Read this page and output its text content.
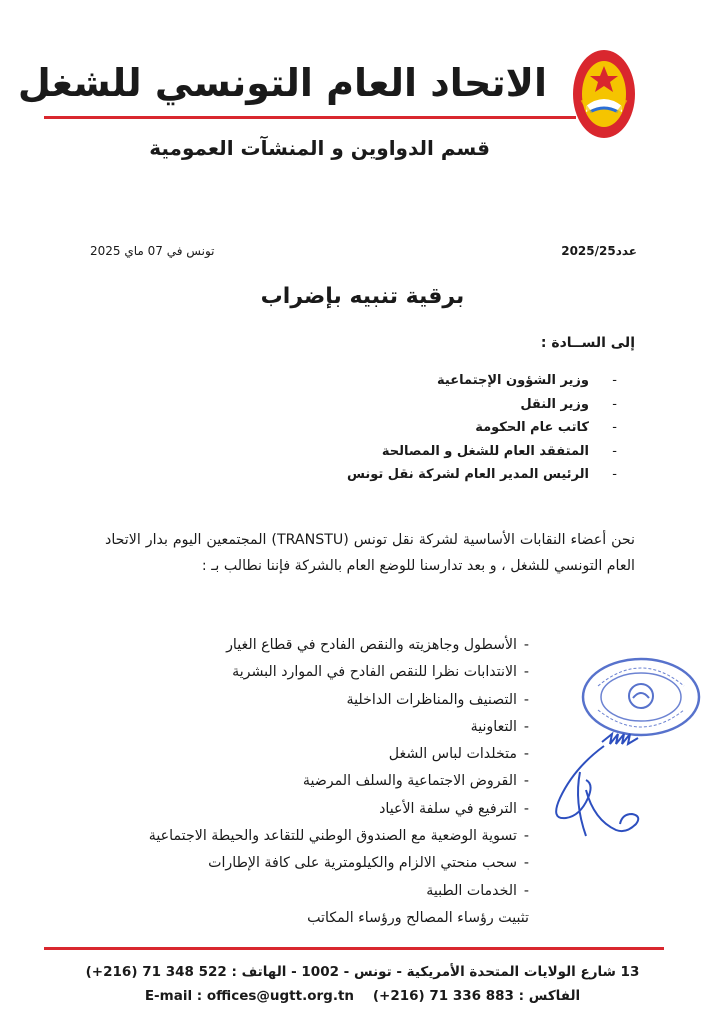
الاتحاد العام التونسي للشغل
قسم الدواوين و المنشآت العمومية
عدد2025/25
تونس في 07 ماي 2025
برقية تنبيه بإضراب
إلى الســادة :
- وزير الشؤون الإجتماعية
- وزير النقل
- كاتب عام الحكومة
- المتفقد العام للشغل و المصالحة
- الرئيس المدير العام لشركة نقل تونس
نحن أعضاء النقابات الأساسية لشركة نقل تونس (TRANSTU) المجتمعين اليوم بدار الاتحاد العام التونسي للشغل ، و بعد تدارسنا للوضع العام بالشركة فإننا نطالب بـ :
- الأسطول وجاهزيته والنقص الفادح في قطاع الغيار
- الانتدابات نظرا للنقص الفادح في الموارد البشرية
- التصنيف والمناظرات الداخلية
- التعاونية
- متخلدات لباس الشغل
- القروض الاجتماعية والسلف المرضية
- الترفيع في سلفة الأعياد
- تسوية الوضعية مع الصندوق الوطني للتقاعد والحيطة الاجتماعية
- سحب منحتي الالزام والكيلومترية على كافة الإطارات
- الخدمات الطبية
تثبيت رؤساء المصالح ورؤساء المكاتب
13 شارع الولايات المتحدة الأمريكية - تونس - 1002 - الهاتف : 522 348 71 (216+)
الفاكس : 883 336 71 (216+)    E-mail : offices@ugtt.org.tn
